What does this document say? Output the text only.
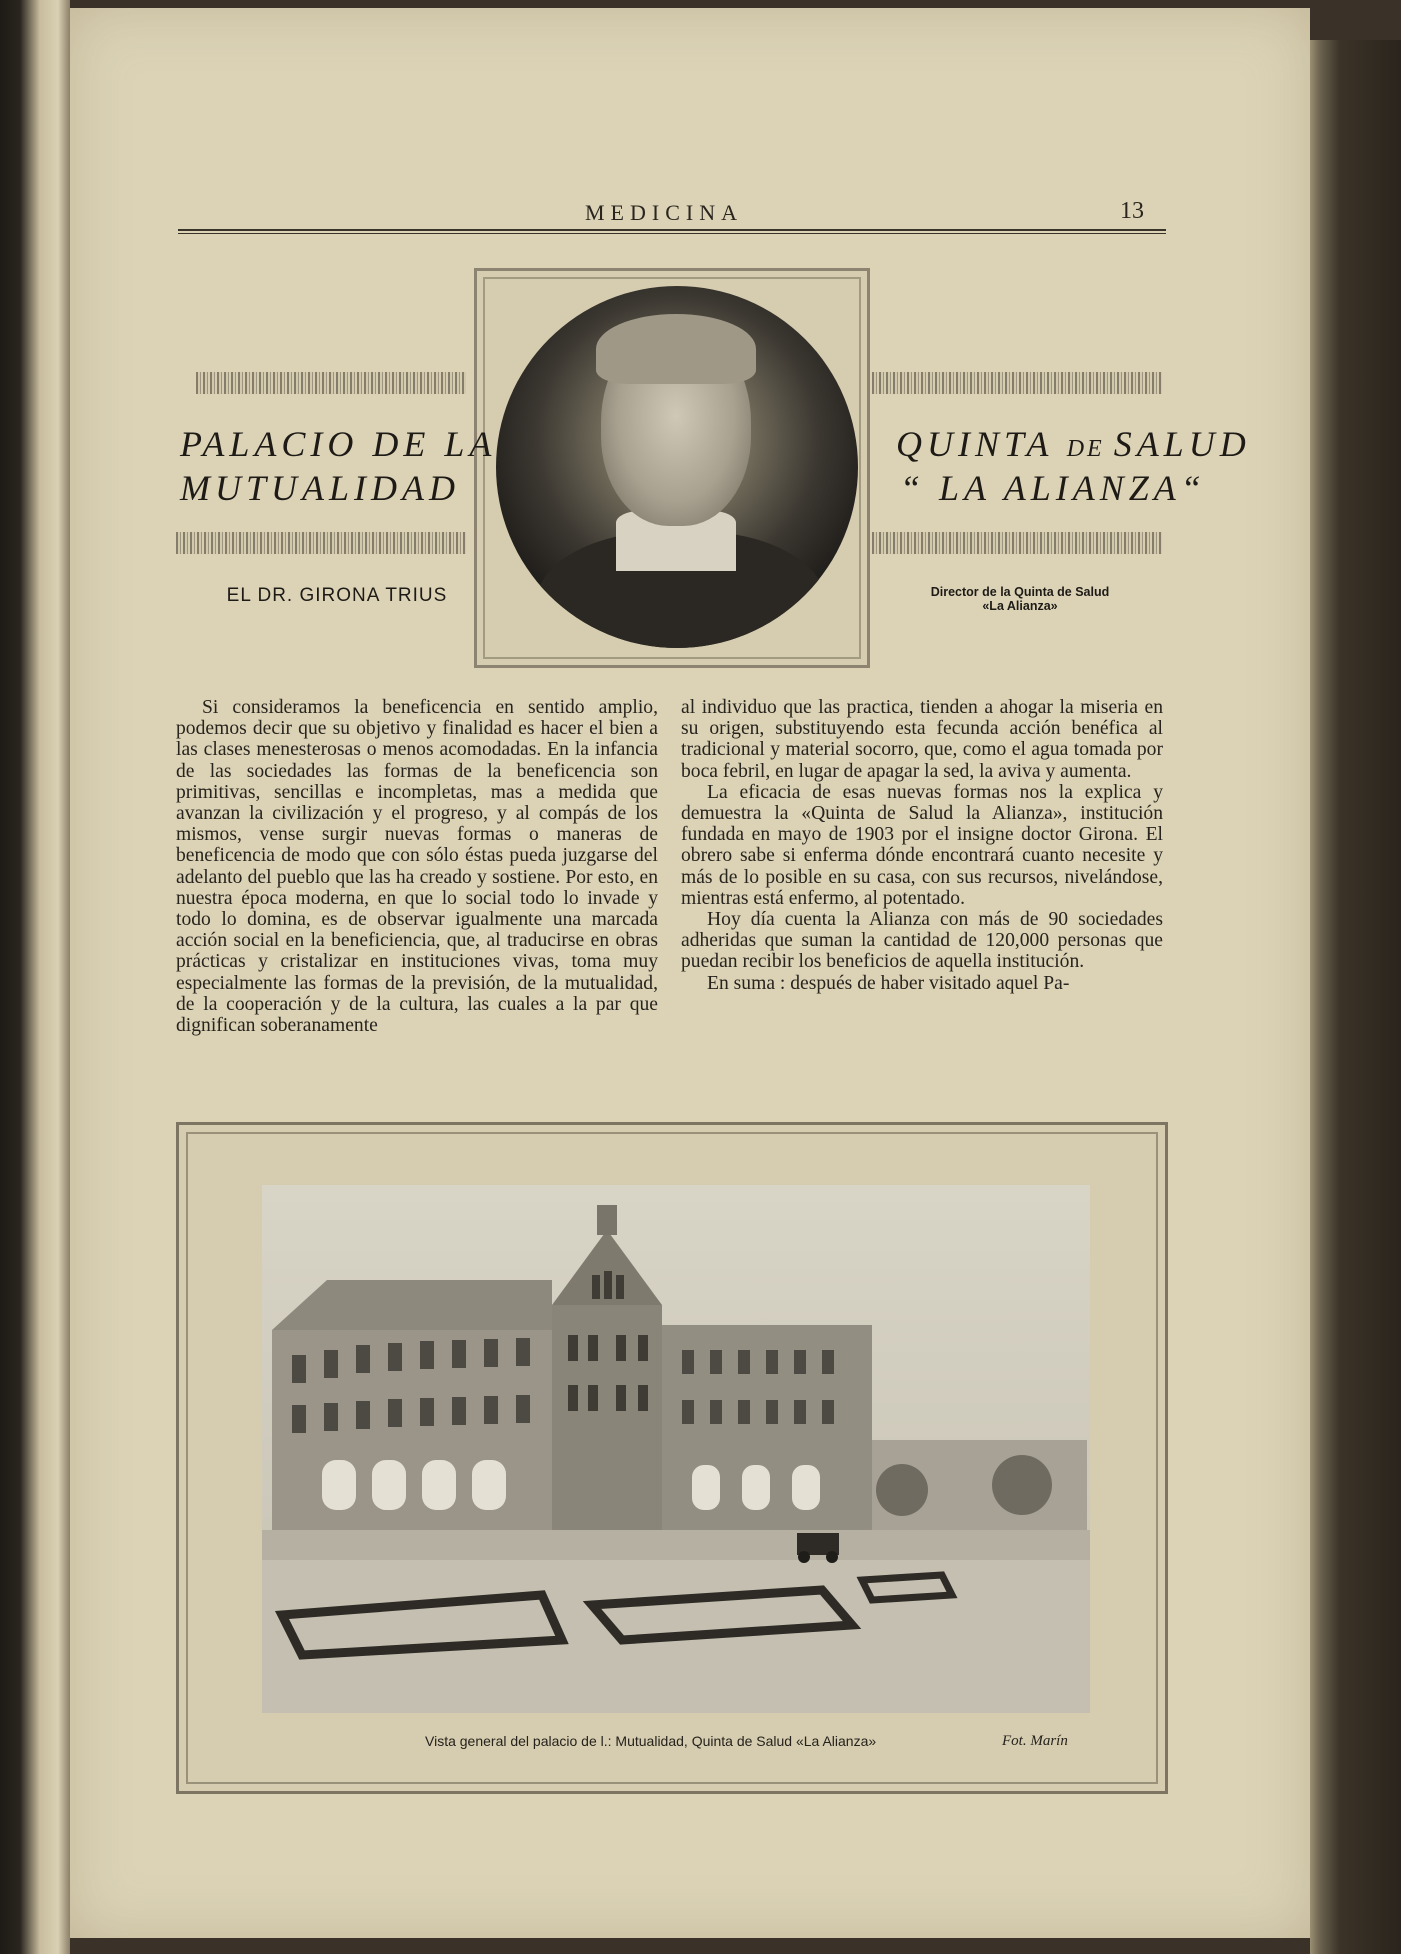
MEDICINA	13
PALACIO DE LA
MUTUALIDAD
EL DR. GIRONA TRIUS
QUINTA DE SALUD
“ LA ALIANZA“
Director de la Quinta de Salud
«La Alianza»

Si consideramos la beneficencia en sentido amplio, podemos decir que su objetivo y finalidad es hacer el bien a las clases menesterosas o menos acomodadas. En la infancia de las sociedades las formas de la beneficencia son primitivas, sencillas e incompletas, mas a medida que avanzan la civilización y el progreso, y al compás de los mismos, vense surgir nuevas formas o maneras de beneficencia de modo que con sólo éstas pueda juzgarse del adelanto del pueblo que las ha creado y sostiene. Por esto, en nuestra época moderna, en que lo social todo lo invade y todo lo domina, es de observar igualmente una marcada acción social en la beneficiencia, que, al traducirse en obras prácticas y cristalizar en instituciones vivas, toma muy especialmente las formas de la previsión, de la mutualidad, de la cooperación y de la cultura, las cuales a la par que dignifican soberanamente

al individuo que las practica, tienden a ahogar la miseria en su origen, substituyendo esta fecunda acción benéfica al tradicional y material socorro, que, como el agua tomada por boca febril, en lugar de apagar la sed, la aviva y aumenta.

La eficacia de esas nuevas formas nos la explica y demuestra la «Quinta de Salud la Alianza», institución fundada en mayo de 1903 por el insigne doctor Girona. El obrero sabe si enferma dónde encontrará cuanto necesite y más de lo posible en su casa, con sus recursos, nivelándose, mientras está enfermo, al potentado.

Hoy día cuenta la Alianza con más de 90 sociedades adheridas que suman la cantidad de 120,000 personas que puedan recibir los beneficios de aquella institución.

En suma : después de haber visitado aquel Pa-

Vista general del palacio de l.: Mutualidad, Quinta de Salud «La Alianza»	Fot. Marín
